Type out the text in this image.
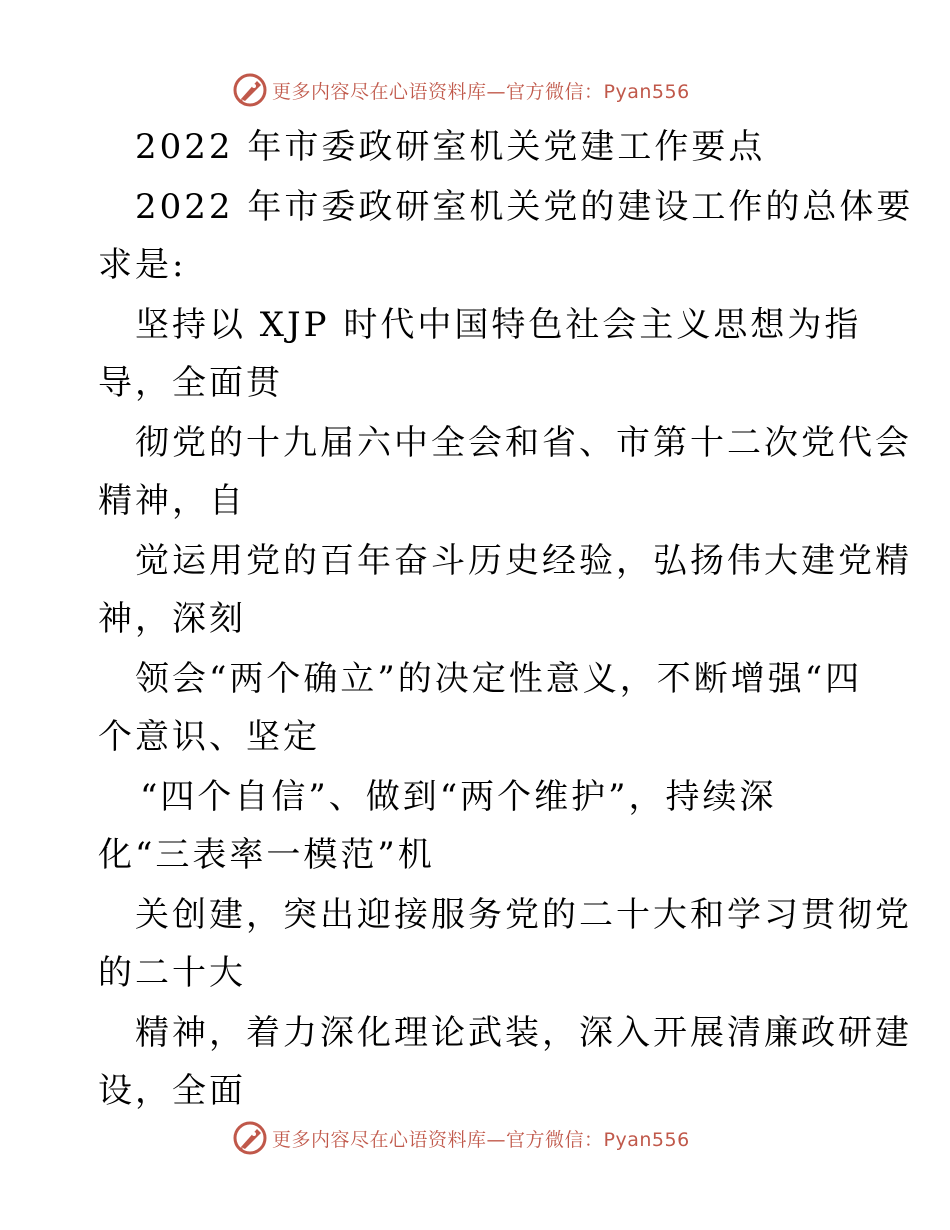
更多内容尽在心语资料库—官方微信：Pyan556
2022 年市委政研室机关党建工作要点
2022 年市委政研室机关党的建设工作的总体要
求是:
坚持以 XJP 时代中国特色社会主义思想为指
导，全面贯
彻党的十九届六中全会和省、市第十二次党代会
精神，自
觉运用党的百年奋斗历史经验，弘扬伟大建党精
神，深刻
领会“两个确立”的决定性意义，不断增强“四
个意识、坚定
“四个自信”、做到“两个维护”，持续深
化“三表率一模范”机
关创建，突出迎接服务党的二十大和学习贯彻党
的二十大
精神，着力深化理论武装，深入开展清廉政研建
设，全面
更多内容尽在心语资料库—官方微信：Pyan556
